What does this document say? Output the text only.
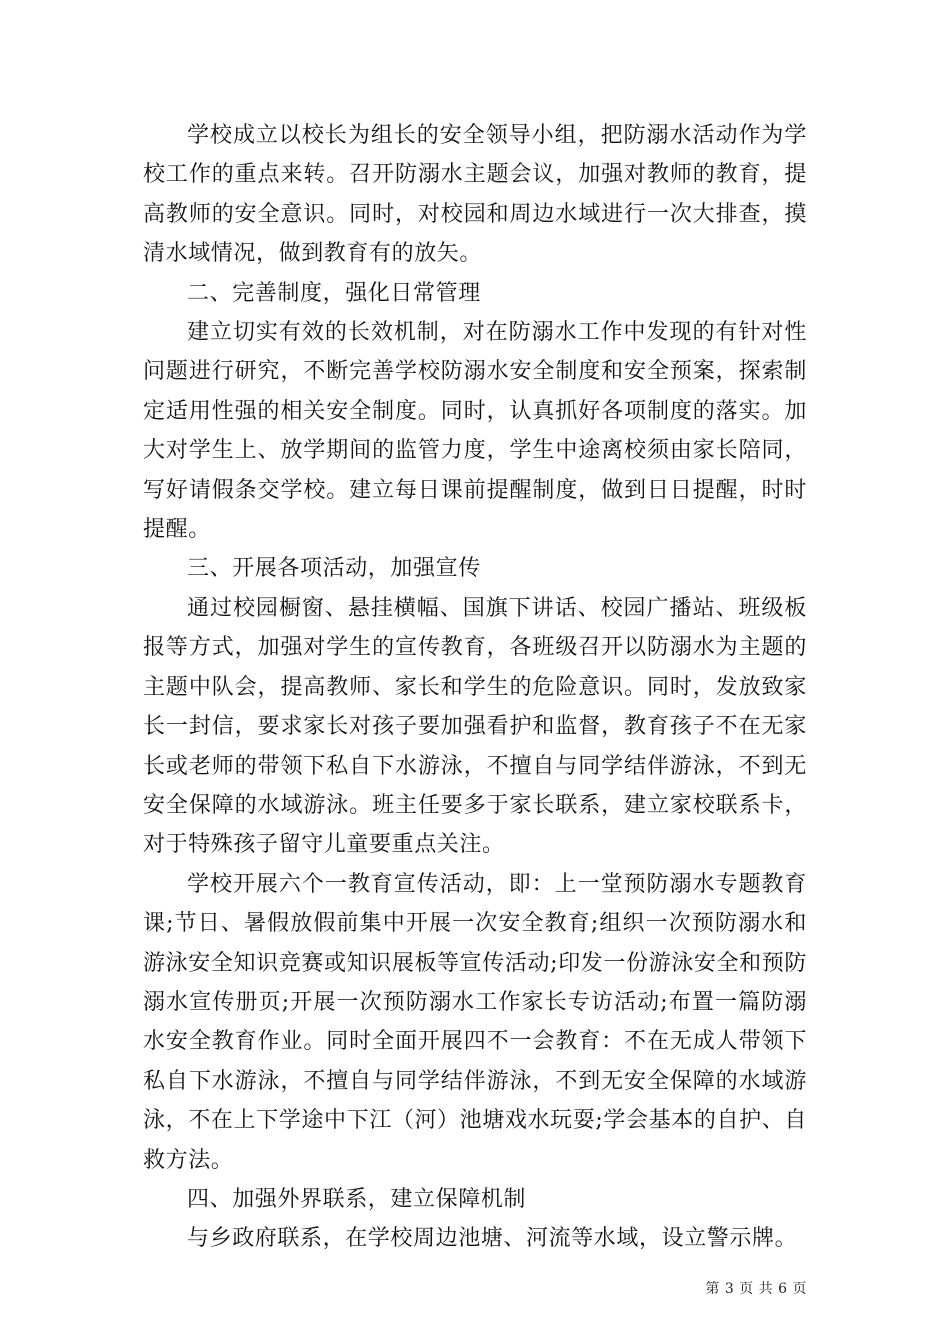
学校成立以校长为组长的安全领导小组，把防溺水活动作为学校工作的重点来转。召开防溺水主题会议，加强对教师的教育，提高教师的安全意识。同时，对校园和周边水域进行一次大排查，摸清水域情况，做到教育有的放矢。

二、完善制度，强化日常管理

建立切实有效的长效机制，对在防溺水工作中发现的有针对性问题进行研究，不断完善学校防溺水安全制度和安全预案，探索制定适用性强的相关安全制度。同时，认真抓好各项制度的落实。加大对学生上、放学期间的监管力度，学生中途离校须由家长陪同，写好请假条交学校。建立每日课前提醒制度，做到日日提醒，时时提醒。

三、开展各项活动，加强宣传

通过校园橱窗、悬挂横幅、国旗下讲话、校园广播站、班级板报等方式，加强对学生的宣传教育，各班级召开以防溺水为主题的主题中队会，提高教师、家长和学生的危险意识。同时，发放致家长一封信，要求家长对孩子要加强看护和监督，教育孩子不在无家长或老师的带领下私自下水游泳，不擅自与同学结伴游泳，不到无安全保障的水域游泳。班主任要多于家长联系，建立家校联系卡，对于特殊孩子留守儿童要重点关注。

学校开展六个一教育宣传活动，即：上一堂预防溺水专题教育课;节日、暑假放假前集中开展一次安全教育;组织一次预防溺水和游泳安全知识竞赛或知识展板等宣传活动;印发一份游泳安全和预防溺水宣传册页;开展一次预防溺水工作家长专访活动;布置一篇防溺水安全教育作业。同时全面开展四不一会教育：不在无成人带领下私自下水游泳，不擅自与同学结伴游泳，不到无安全保障的水域游泳，不在上下学途中下江（河）池塘戏水玩耍;学会基本的自护、自救方法。

四、加强外界联系，建立保障机制

与乡政府联系，在学校周边池塘、河流等水域，设立警示牌。

第 3 页 共 6 页
